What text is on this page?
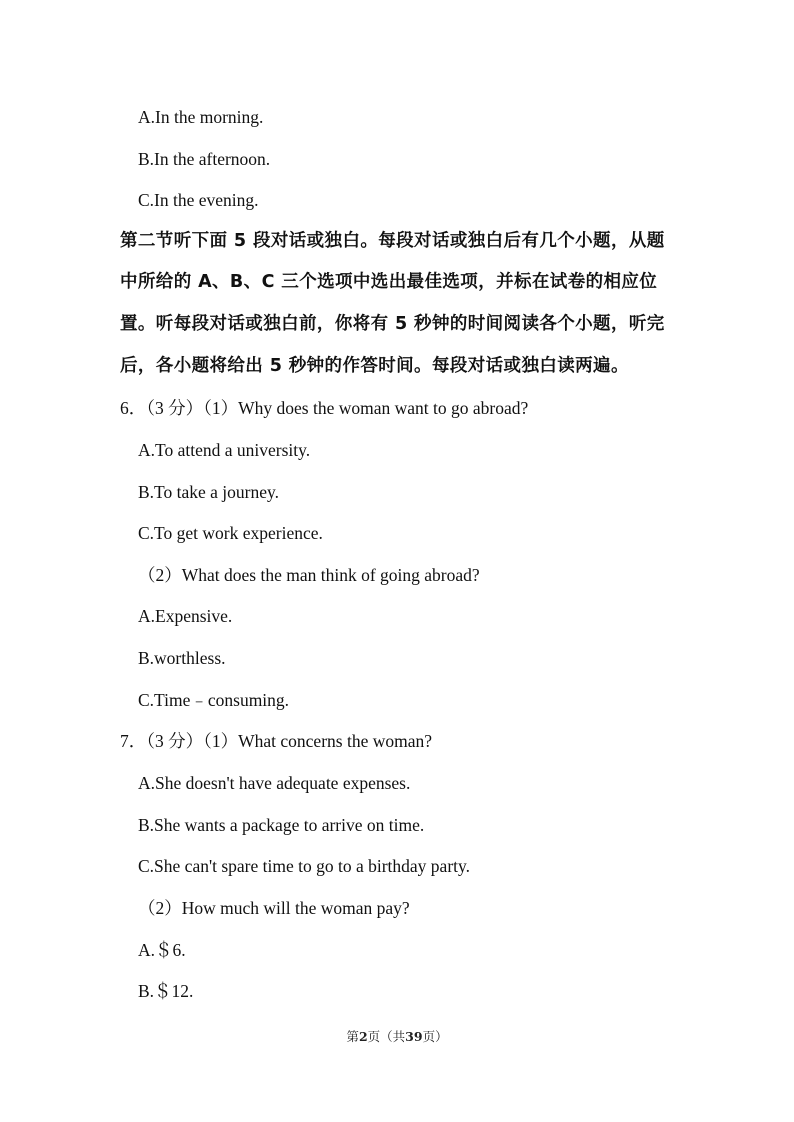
A.In the morning.
B.In the afternoon.
C.In the evening.
第二节听下面 5 段对话或独白。每段对话或独白后有几个小题，从题
中所给的 A、B、C 三个选项中选出最佳选项，并标在试卷的相应位
置。听每段对话或独白前，你将有 5 秒钟的时间阅读各个小题，听完
后，各小题将给出 5 秒钟的作答时间。每段对话或独白读两遍。
6．（3 分）（1）Why does the woman want to go abroad?
A.To attend a university.
B.To take a journey.
C.To get work experience.
（2）What does the man think of going abroad?
A.Expensive.
B.worthless.
C.Time﹣consuming.
7．（3 分）（1）What concerns the woman?
A.She doesn't have adequate expenses.
B.She wants a package to arrive on time.
C.She can't spare time to go to a birthday party.
（2）How much will the woman pay?
A.＄6.
B.＄12.
第2页（共39页）
